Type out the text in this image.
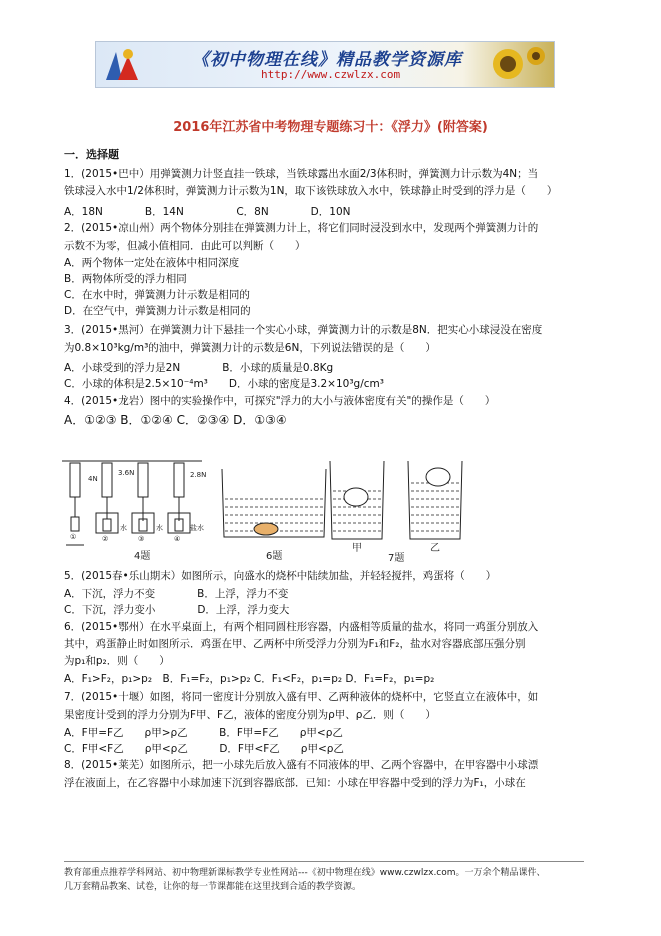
《初中物理在线》精品教学资源库
http://www.czwlzx.com
2016年江苏省中考物理专题练习十：《浮力》(附答案)
一．选择题
1．(2015•巴中）用弹簧测力计竖直挂一铁球，当铁球露出水面2/3体积时，弹簧测力计示数为4N；当
铁球浸入水中1/2体积时，弹簧测力计示数为1N，取下该铁球放入水中，铁球静止时受到的浮力是（　　）
A．18N　　　　B．14N　　　　　C．8N　　　　D．10N
2．(2015•凉山州）两个物体分别挂在弹簧测力计上，将它们同时浸没到水中，发现两个弹簧测力计的
示数不为零，但减小值相同．由此可以判断（　　）
A．两个物体一定处在液体中相同深度
B．两物体所受的浮力相同
C．在水中时，弹簧测力计示数是相同的
D．在空气中，弹簧测力计示数是相同的
3．(2015•黑河）在弹簧测力计下悬挂一个实心小球，弹簧测力计的示数是8N．把实心小球浸没在密度
为0.8×10³kg/m³的油中，弹簧测力计的示数是6N，下列说法错误的是（　　）
A．小球受到的浮力是2N　　　　B．小球的质量是0.8Kg
C．小球的体积是2.5×10⁻⁴m³　　D．小球的密度是3.2×10³g/cm³
4．(2015•龙岩）图中的实验操作中，可探究"浮力的大小与液体密度有关"的操作是（　　）
A．①②③ B．①②④ C．②③④ D．①③④
4N
3.6N	2.8N
水	水	盐水
①	②	③	④
4题	6题
甲	乙
7题
5．(2015春•乐山期末）如图所示，向盛水的烧杯中陆续加盐，并轻轻搅拌，鸡蛋将（　　）
A．下沉，浮力不变　　　　B．上浮，浮力不变
C．下沉，浮力变小　　　　D．上浮，浮力变大
6．(2015•鄂州）在水平桌面上，有两个相同圆柱形容器，内盛相等质量的盐水，将同一鸡蛋分别放入
其中，鸡蛋静止时如图所示．鸡蛋在甲、乙两杯中所受浮力分别为F₁和F₂，盐水对容器底部压强分别
为p₁和p₂．则（　　）
A．F₁>F₂，p₁>p₂　B．F₁=F₂，p₁>p₂ C．F₁<F₂，p₁=p₂ D．F₁=F₂，p₁=p₂
7．(2015•十堰）如图，将同一密度计分别放入盛有甲、乙两种液体的烧杯中，它竖直立在液体中，如
果密度计受到的浮力分别为F甲、F乙，液体的密度分别为ρ甲、ρ乙．则（　　）
A．F甲=F乙　　ρ甲>ρ乙　　　B．F甲=F乙　　ρ甲<ρ乙
C．F甲<F乙　　ρ甲<ρ乙　　　D．F甲<F乙　　ρ甲<ρ乙
8．(2015•莱芜）如图所示，把一小球先后放入盛有不同液体的甲、乙两个容器中，在甲容器中小球漂
浮在液面上，在乙容器中小球加速下沉到容器底部．已知：小球在甲容器中受到的浮力为F₁，小球在
教育部重点推荐学科网站、初中物理新课标教学专业性网站---《初中物理在线》www.czwlzx.com。一万余个精品课件、
几万套精品教案、试卷，让你的每一节课都能在这里找到合适的教学资源。
